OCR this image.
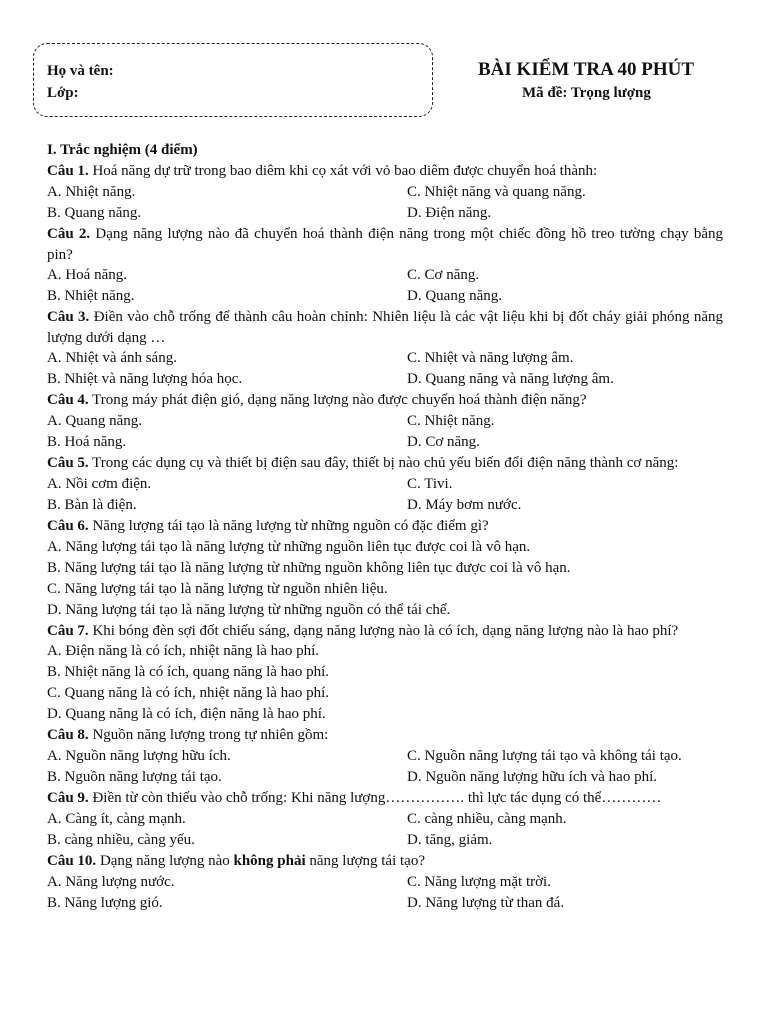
Họ và tên:
Lớp:
BÀI KIỂM TRA 40 PHÚT
Mã đề: Trọng lượng
I. Trắc nghiệm (4 điểm)
Câu 1. Hoá năng dự trữ trong bao diêm khi cọ xát với vỏ bao diêm được chuyển hoá thành:
A. Nhiệt năng.	C. Nhiệt năng và quang năng.
B. Quang năng.	D. Điện năng.
Câu 2. Dạng năng lượng nào đã chuyển hoá thành điện năng trong một chiếc đồng hồ treo tường chạy bằng pin?
A. Hoá năng.	C. Cơ năng.
B. Nhiệt năng.	D. Quang năng.
Câu 3. Điền vào chỗ trống để thành câu hoàn chỉnh: Nhiên liệu là các vật liệu khi bị đốt cháy giải phóng năng lượng dưới dạng …
A. Nhiệt và ánh sáng.	C. Nhiệt và năng lượng âm.
B. Nhiệt và năng lượng hóa học.	D. Quang năng và năng lượng âm.
Câu 4. Trong máy phát điện gió, dạng năng lượng nào được chuyển hoá thành điện năng?
A. Quang năng.	C. Nhiệt năng.
B. Hoá năng.	D. Cơ năng.
Câu 5. Trong các dụng cụ và thiết bị điện sau đây, thiết bị nào chủ yếu biến đổi điện năng thành cơ năng:
A. Nồi cơm điện.	C. Tivi.
B. Bàn là điện.	D. Máy bơm nước.
Câu 6. Năng lượng tái tạo là năng lượng từ những nguồn có đặc điểm gì?
A. Năng lượng tái tạo là năng lượng từ những nguồn liên tục được coi là vô hạn.
B. Năng lượng tái tạo là năng lượng từ những nguồn không liên tục được coi là vô hạn.
C. Năng lượng tái tạo là năng lượng từ nguồn nhiên liệu.
D. Năng lượng tái tạo là năng lượng từ những nguồn có thể tái chế.
Câu 7. Khi bóng đèn sợi đốt chiếu sáng, dạng năng lượng nào là có ích, dạng năng lượng nào là hao phí?
A. Điện năng là có ích, nhiệt năng là hao phí.
B. Nhiệt năng là có ích, quang năng là hao phí.
C. Quang năng là có ích, nhiệt năng là hao phí.
D. Quang năng là có ích, điện năng là hao phí.
Câu 8. Nguồn năng lượng trong tự nhiên gồm:
A. Nguồn năng lượng hữu ích.	C. Nguồn năng lượng tái tạo và không tái tạo.
B. Nguồn năng lượng tái tạo.	D. Nguồn năng lượng hữu ích và hao phí.
Câu 9. Điền từ còn thiếu vào chỗ trống: Khi năng lượng……………. thì lực tác dụng có thể…………
A. Càng ít, càng mạnh.	C. càng nhiều, càng mạnh.
B. càng nhiều, càng yếu.	D. tăng, giảm.
Câu 10. Dạng năng lượng nào không phải năng lượng tái tạo?
A. Năng lượng nước.	C. Năng lượng mặt trời.
B. Năng lượng gió.	D. Năng lượng từ than đá.
